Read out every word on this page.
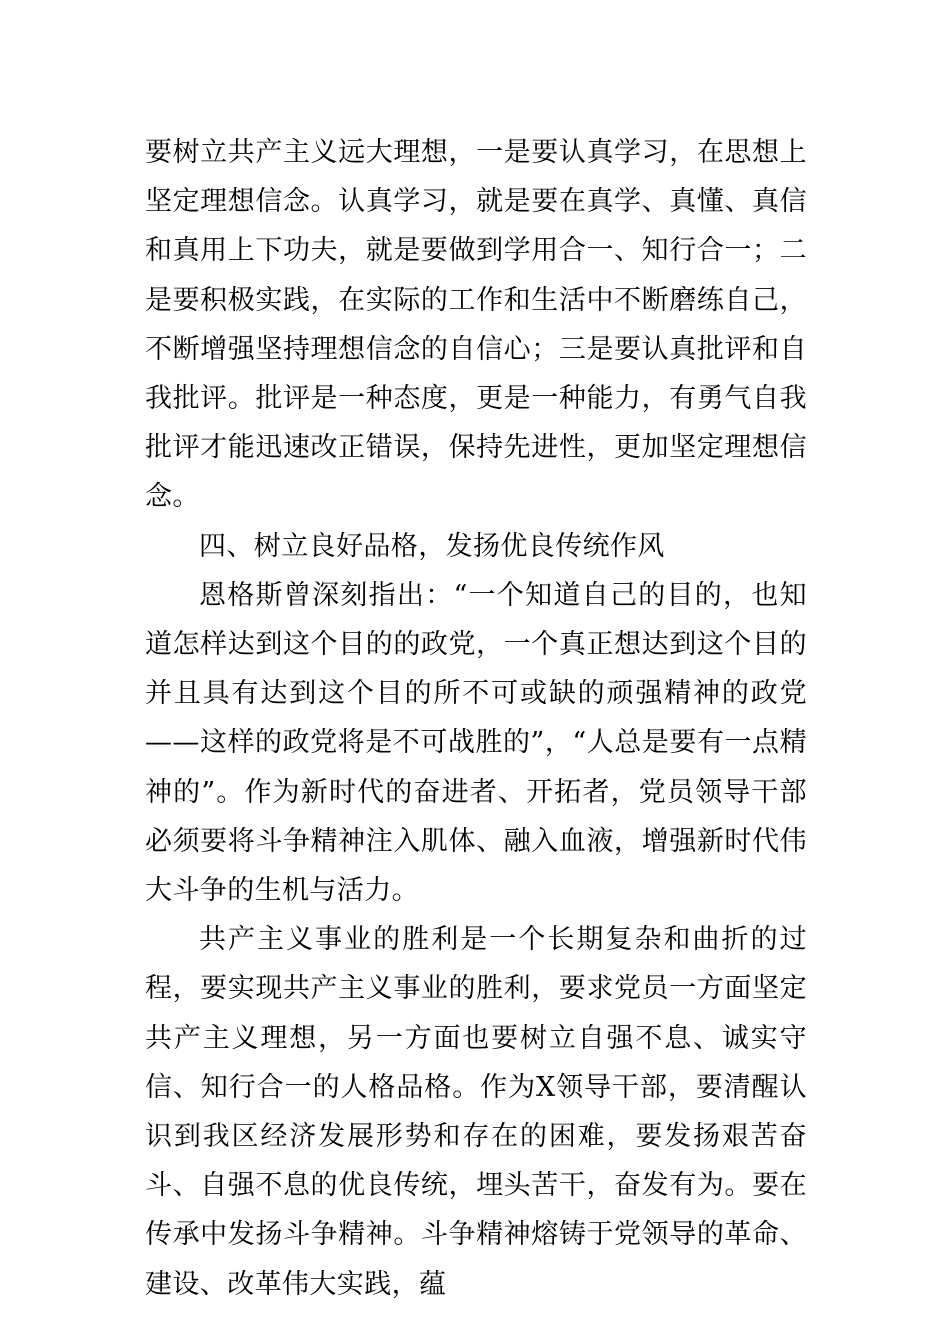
要树立共产主义远大理想，一是要认真学习，在思想上坚定理想信念。认真学习，就是要在真学、真懂、真信和真用上下功夫，就是要做到学用合一、知行合一；二是要积极实践，在实际的工作和生活中不断磨练自己，不断增强坚持理想信念的自信心；三是要认真批评和自我批评。批评是一种态度，更是一种能力，有勇气自我批评才能迅速改正错误，保持先进性，更加坚定理想信念。

四、树立良好品格，发扬优良传统作风

恩格斯曾深刻指出：“一个知道自己的目的，也知道怎样达到这个目的的政党，一个真正想达到这个目的并且具有达到这个目的所不可或缺的顽强精神的政党——这样的政党将是不可战胜的”，“人总是要有一点精神的”。作为新时代的奋进者、开拓者，党员领导干部必须要将斗争精神注入肌体、融入血液，增强新时代伟大斗争的生机与活力。

共产主义事业的胜利是一个长期复杂和曲折的过程，要实现共产主义事业的胜利，要求党员一方面坚定共产主义理想，另一方面也要树立自强不息、诚实守信、知行合一的人格品格。作为X领导干部，要清醒认识到我区经济发展形势和存在的困难，要发扬艰苦奋斗、自强不息的优良传统，埋头苦干，奋发有为。要在传承中发扬斗争精神。斗争精神熔铸于党领导的革命、建设、改革伟大实践，蕴
